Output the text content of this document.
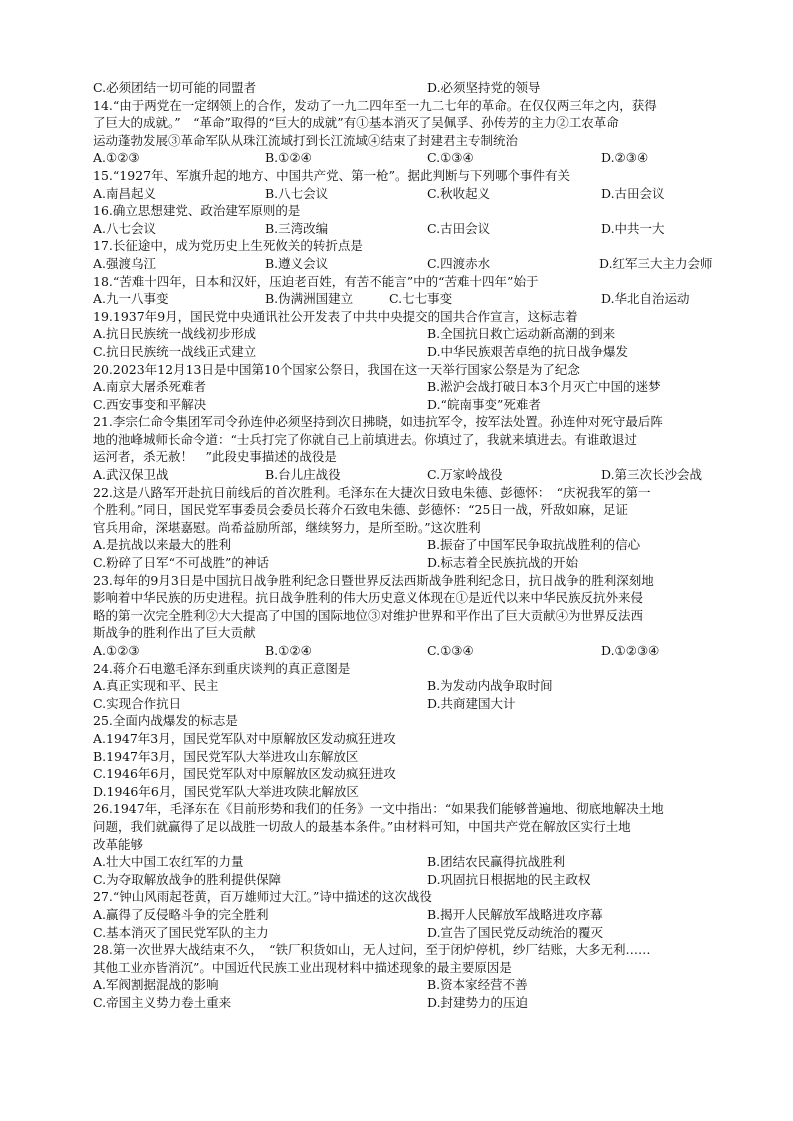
C.必须团结一切可能的同盟者	D.必须坚持党的领导
14.“由于两党在一定纲领上的合作，发动了一九二四年至一九二七年的革命。在仅仅两三年之内，获得
了巨大的成就。”　“革命”取得的“巨大的成就”有①基本消灭了吴佩孚、孙传芳的主力②工农革命
运动蓬勃发展③革命军队从珠江流域打到长江流域④结束了封建君主专制统治
A.①②③	B.①②④	C.①③④	D.②③④
15.“1927年、军旗升起的地方、中国共产党、第一枪”。据此判断与下列哪个事件有关
A.南昌起义	B.八七会议	C.秋收起义	D.古田会议
16.确立思想建党、政治建军原则的是
A.八七会议	B.三湾改编	C.古田会议	D.中共一大
17.长征途中，成为党历史上生死攸关的转折点是
A.强渡乌江	B.遵义会议	C.四渡赤水	D.红军三大主力会师
18.“苦难十四年，日本和汉奸，压迫老百姓，有苦不能言”中的“苦难十四年”始于
A.九一八事变	B.伪满洲国建立	C.七七事变	D.华北自治运动
19.1937年9月，国民党中央通讯社公开发表了中共中央提交的国共合作宣言，这标志着
A.抗日民族统一战线初步形成	B.全国抗日救亡运动新高潮的到来
C.抗日民族统一战线正式建立	D.中华民族艰苦卓绝的抗日战争爆发
20.2023年12月13日是中国第10个国家公祭日，我国在这一天举行国家公祭是为了纪念
A.南京大屠杀死难者	B.淞沪会战打破日本3个月灭亡中国的迷梦
C.西安事变和平解决	D.“皖南事变”死难者
21.李宗仁命令集团军司令孙连仲必须坚持到次日拂晓，如违抗军令，按军法处置。孙连仲对死守最后阵
地的池峰城师长命令道：“士兵打完了你就自己上前填进去。你填过了，我就来填进去。有谁敢退过
运河者，杀无赦！　”此段史事描述的战役是
A.武汉保卫战	B.台儿庄战役	C.万家岭战役	D.第三次长沙会战
22.这是八路军开赴抗日前线后的首次胜利。毛泽东在大捷次日致电朱德、彭德怀：　“庆祝我军的第一
个胜利。”同日，国民党军事委员会委员长蒋介石致电朱德、彭德怀：“25日一战，歼敌如麻，足证
官兵用命，深堪嘉慰。尚希益励所部，继续努力，是所至盼。”这次胜利
A.是抗战以来最大的胜利	B.振奋了中国军民争取抗战胜利的信心
C.粉碎了日军“不可战胜”的神话	D.标志着全民族抗战的开始
23.每年的9月3日是中国抗日战争胜利纪念日暨世界反法西斯战争胜利纪念日，抗日战争的胜利深刻地
影响着中华民族的历史进程。抗日战争胜利的伟大历史意义体现在①是近代以来中华民族反抗外来侵
略的第一次完全胜利②大大提高了中国的国际地位③对维护世界和平作出了巨大贡献④为世界反法西
斯战争的胜利作出了巨大贡献
A.①②③	B.①②④	C.①③④	D.①②③④
24.蒋介石电邀毛泽东到重庆谈判的真正意图是
A.真正实现和平、民主	B.为发动内战争取时间
C.实现合作抗日	D.共商建国大计
25.全面内战爆发的标志是
A.1947年3月，国民党军队对中原解放区发动疯狂进攻
B.1947年3月，国民党军队大举进攻山东解放区
C.1946年6月，国民党军队对中原解放区发动疯狂进攻
D.1946年6月，国民党军队大举进攻陕北解放区
26.1947年，毛泽东在《目前形势和我们的任务》一文中指出：“如果我们能够普遍地、彻底地解决土地
问题，我们就赢得了足以战胜一切敌人的最基本条件。”由材料可知，中国共产党在解放区实行土地
改革能够
A.壮大中国工农红军的力量	B.团结农民赢得抗战胜利
C.为夺取解放战争的胜利提供保障	D.巩固抗日根据地的民主政权
27.“钟山风雨起苍黄，百万雄师过大江。”诗中描述的这次战役
A.赢得了反侵略斗争的完全胜利	B.揭开人民解放军战略进攻序幕
C.基本消灭了国民党军队的主力	D.宣告了国民党反动统治的覆灭
28.第一次世界大战结束不久，　“铁厂积货如山，无人过问，至于闭炉停机，纱厂结账，大多无利……
其他工业亦皆消沉”。中国近代民族工业出现材料中描述现象的最主要原因是
A.军阀割据混战的影响	B.资本家经营不善
C.帝国主义势力卷土重来	D.封建势力的压迫
